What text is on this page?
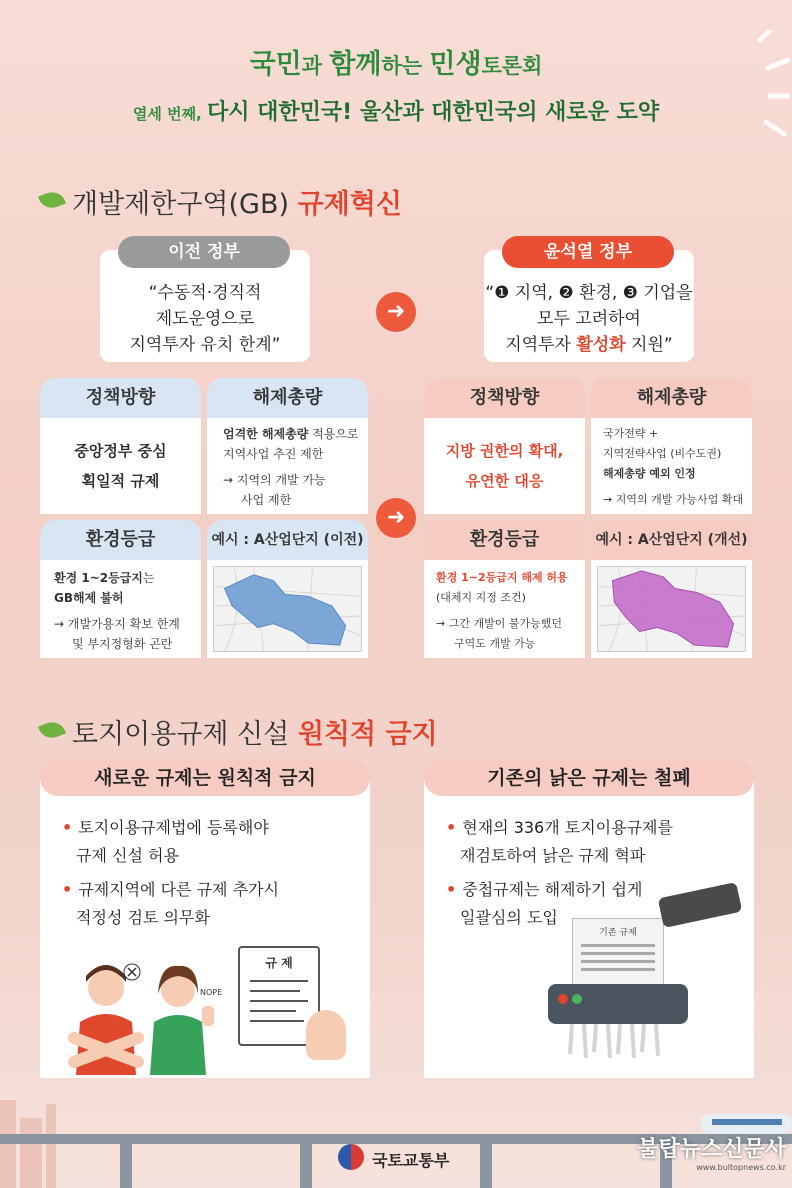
국민과 함께하는 민생토론회
열세 번째, 다시 대한민국! 울산과 대한민국의 새로운 도약
개발제한구역(GB) 규제혁신
이전 정부
“수동적·경직적
제도운영으로
지역투자 유치 한계”
➜
윤석열 정부
“❶ 지역, ❷ 환경, ❸ 기업을
모두 고려하여
지역투자 활성화 지원”
정책방향
중앙정부 중심
획일적 규제
해제총량
엄격한 해제총량 적용으로
지역사업 추진 제한
→ 지역의 개발 가능
사업 제한
환경등급
환경 1~2등급지는
GB해제 불허
→ 개발가용지 확보 한계
및 부지정형화 곤란
예시 : A산업단지 (이전)
➜
정책방향
지방 권한의 확대,
유연한 대응
해제총량
국가전략 +
지역전략사업 (비수도권)
해제총량 예외 인정
→ 지역의 개발 가능사업 확대
환경등급
환경 1~2등급지 해제 허용
(대체지 지정 조건)
→ 그간 개발이 불가능했던
구역도 개발 가능
예시 : A산업단지 (개선)
토지이용규제 신설 원칙적 금지
새로운 규제는 원칙적 금지
• 토지이용규제법에 등록해야
규제 신설 허용
• 규제지역에 다른 규제 추가시
적정성 검토 의무화
NOPE
규 제
기존의 낡은 규제는 철폐
• 현재의 336개 토지이용규제를
재검토하여 낡은 규제 혁파
• 중첩규제는 해제하기 쉽게
일괄심의 도입
기존 규제
국토교통부	불탑뉴스신문사
www.bultopnews.co.kr
